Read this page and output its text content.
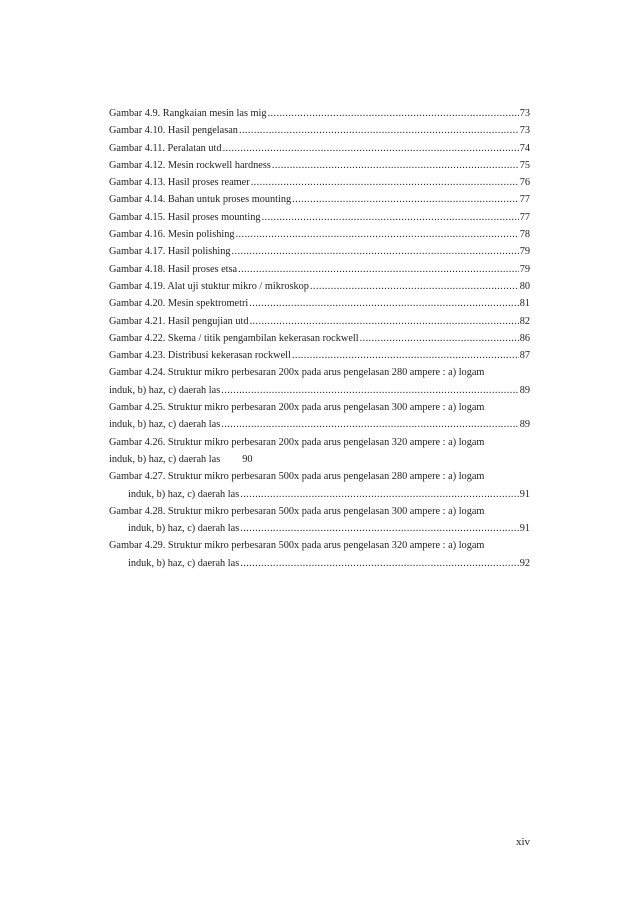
Gambar 4.9. Rangkaian mesin las mig .....	73
Gambar 4.10. Hasil pengelasan .....	73
Gambar 4.11. Peralatan utd .....	74
Gambar 4.12. Mesin rockwell hardness .....	75
Gambar 4.13. Hasil proses reamer .....	76
Gambar 4.14. Bahan untuk proses mounting .....	77
Gambar 4.15. Hasil proses mounting .....	77
Gambar 4.16. Mesin polishing .....	78
Gambar 4.17. Hasil polishing .....	79
Gambar 4.18. Hasil proses etsa .....	79
Gambar 4.19. Alat uji stuktur mikro / mikroskop .....	80
Gambar 4.20. Mesin spektrometri .....	81
Gambar 4.21. Hasil pengujian utd .....	82
Gambar 4.22. Skema / titik pengambilan kekerasan rockwell .....	86
Gambar 4.23. Distribusi kekerasan rockwell .....	87
Gambar 4.24. Struktur mikro perbesaran 200x pada arus pengelasan 280 ampere : a) logam
induk, b) haz, c) daerah las .....	89
Gambar 4.25. Struktur mikro perbesaran 200x pada arus pengelasan 300 ampere : a) logam
induk, b) haz, c) daerah las .....	89
Gambar 4.26. Struktur mikro perbesaran 200x pada arus pengelasan 320 ampere : a) logam
induk, b) haz, c) daerah las 90
Gambar 4.27. Struktur mikro perbesaran 500x pada arus pengelasan 280 ampere : a) logam
induk, b) haz, c) daerah las .....	91
Gambar 4.28. Struktur mikro perbesaran 500x pada arus pengelasan 300 ampere : a) logam
induk, b) haz, c) daerah las .....	91
Gambar 4.29. Struktur mikro perbesaran 500x pada arus pengelasan 320 ampere : a) logam
induk, b) haz, c) daerah las .....	92
xiv
